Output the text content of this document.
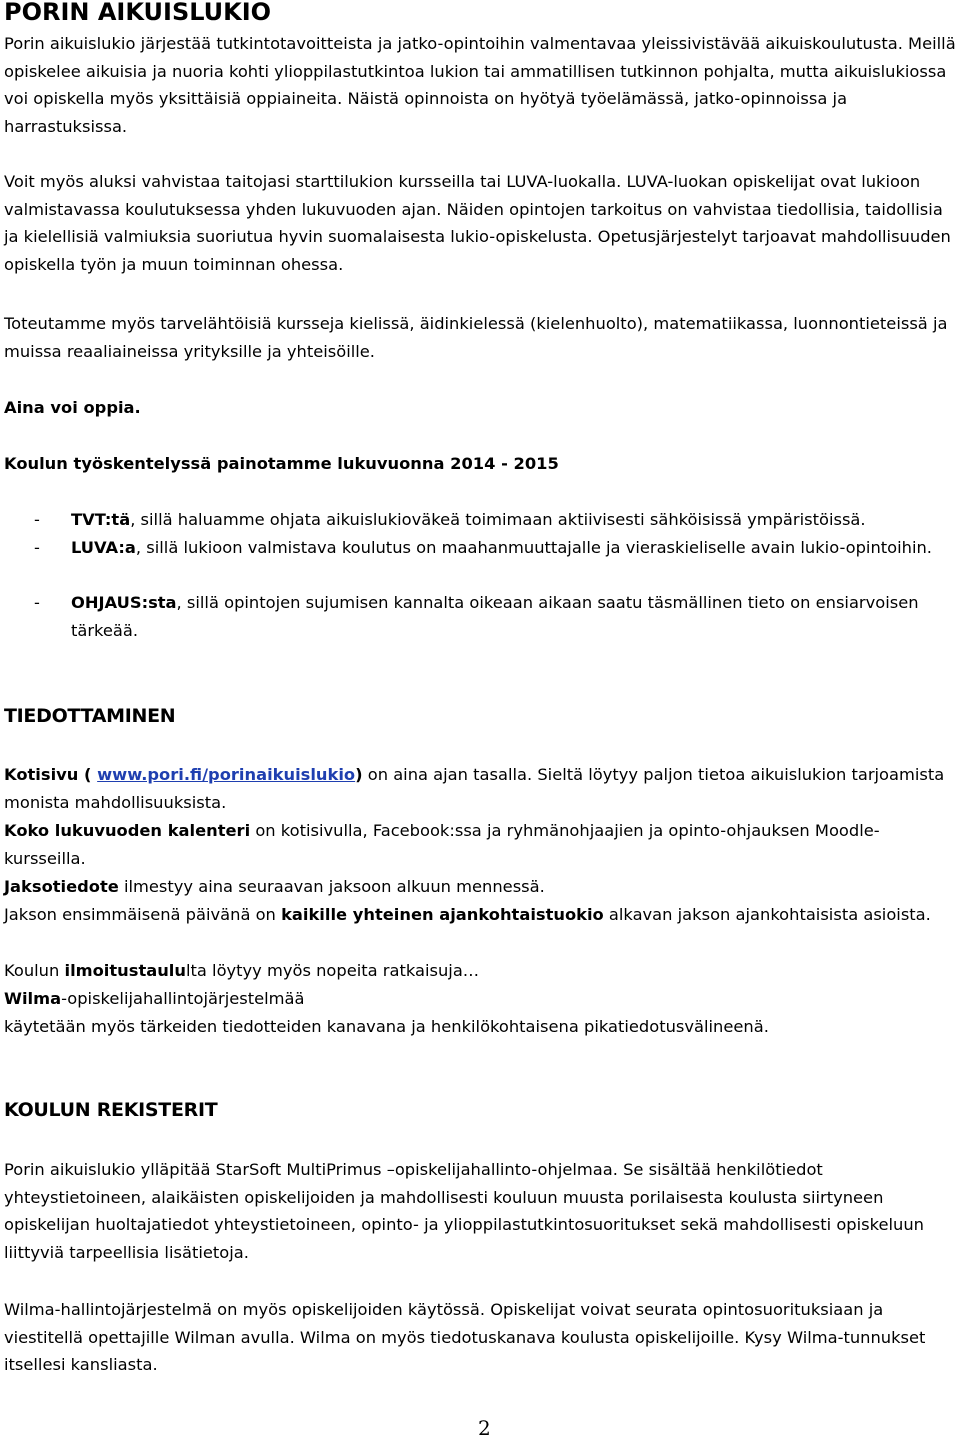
PORIN AIKUISLUKIO

Porin aikuislukio järjestää tutkintotavoitteista ja jatko-opintoihin valmentavaa yleissivistävää aikuiskoulutusta. Meillä opiskelee aikuisia ja nuoria kohti ylioppilastutkintoa lukion tai ammatillisen tutkinnon pohjalta, mutta aikuislukiossa voi opiskella myös yksittäisiä oppiaineita. Näistä opinnoista on hyötyä työelämässä, jatko-opinnoissa ja harrastuksissa.

Voit myös aluksi vahvistaa taitojasi starttilukion kursseilla tai LUVA-luokalla. LUVA-luokan opiskelijat ovat lukioon valmistavassa koulutuksessa yhden lukuvuoden ajan. Näiden opintojen tarkoitus on vahvistaa tiedollisia, taidollisia ja kielellisiä valmiuksia suoriutua hyvin suomalaisesta lukio-opiskelusta. Opetusjärjestelyt tarjoavat mahdollisuuden opiskella työn ja muun toiminnan ohessa.

Toteutamme myös tarvelähtöisiä kursseja kielissä, äidinkielessä (kielenhuolto), matematiikassa, luonnontieteissä ja muissa reaaliaineissa yrityksille ja yhteisöille.

Aina voi oppia.

Koulun työskentelyssä painotamme lukuvuonna 2014 - 2015

- TVT:tä, sillä haluamme ohjata aikuislukioväkeä toimimaan aktiivisesti sähköisissä ympäristöissä.
- LUVA:a, sillä lukioon valmistava koulutus on maahanmuuttajalle ja vieraskieliselle avain lukio-opintoihin.
- OHJAUS:sta, sillä opintojen sujumisen kannalta oikeaan aikaan saatu täsmällinen tieto on ensiarvoisen tärkeää.
TIEDOTTAMINEN

Kotisivu ( www.pori.fi/porinaikuislukio) on aina ajan tasalla. Sieltä löytyy paljon tietoa aikuislukion tarjoamista monista mahdollisuuksista.

Koko lukuvuoden kalenteri on kotisivulla, Facebook:ssa ja ryhmänohjaajien ja opinto-ohjauksen Moodle-kursseilla.

Jaksotiedote ilmestyy aina seuraavan jaksoon alkuun mennessä.

Jakson ensimmäisenä päivänä on kaikille yhteinen ajankohtaistuokio alkavan jakson ajankohtaisista asioista.

Koulun ilmoitustaululta löytyy myös nopeita ratkaisuja…

Wilma-opiskelijahallintojärjestelmää

käytetään myös tärkeiden tiedotteiden kanavana ja henkilökohtaisena pikatiedotusvälineenä.

KOULUN REKISTERIT

Porin aikuislukio ylläpitää StarSoft MultiPrimus –opiskelijahallinto-ohjelmaa. Se sisältää henkilötiedot yhteystietoineen, alaikäisten opiskelijoiden ja mahdollisesti kouluun muusta porilaisesta koulusta siirtyneen opiskelijan huoltajatiedot yhteystietoineen, opinto- ja ylioppilastutkintosuoritukset sekä mahdollisesti opiskeluun liittyviä tarpeellisia lisätietoja.

Wilma-hallintojärjestelmä on myös opiskelijoiden käytössä. Opiskelijat voivat seurata opintosuorituksiaan ja viestitellä opettajille Wilman avulla. Wilma on myös tiedotuskanava koulusta opiskelijoille. Kysy Wilma-tunnukset itsellesi kansliasta.

2
